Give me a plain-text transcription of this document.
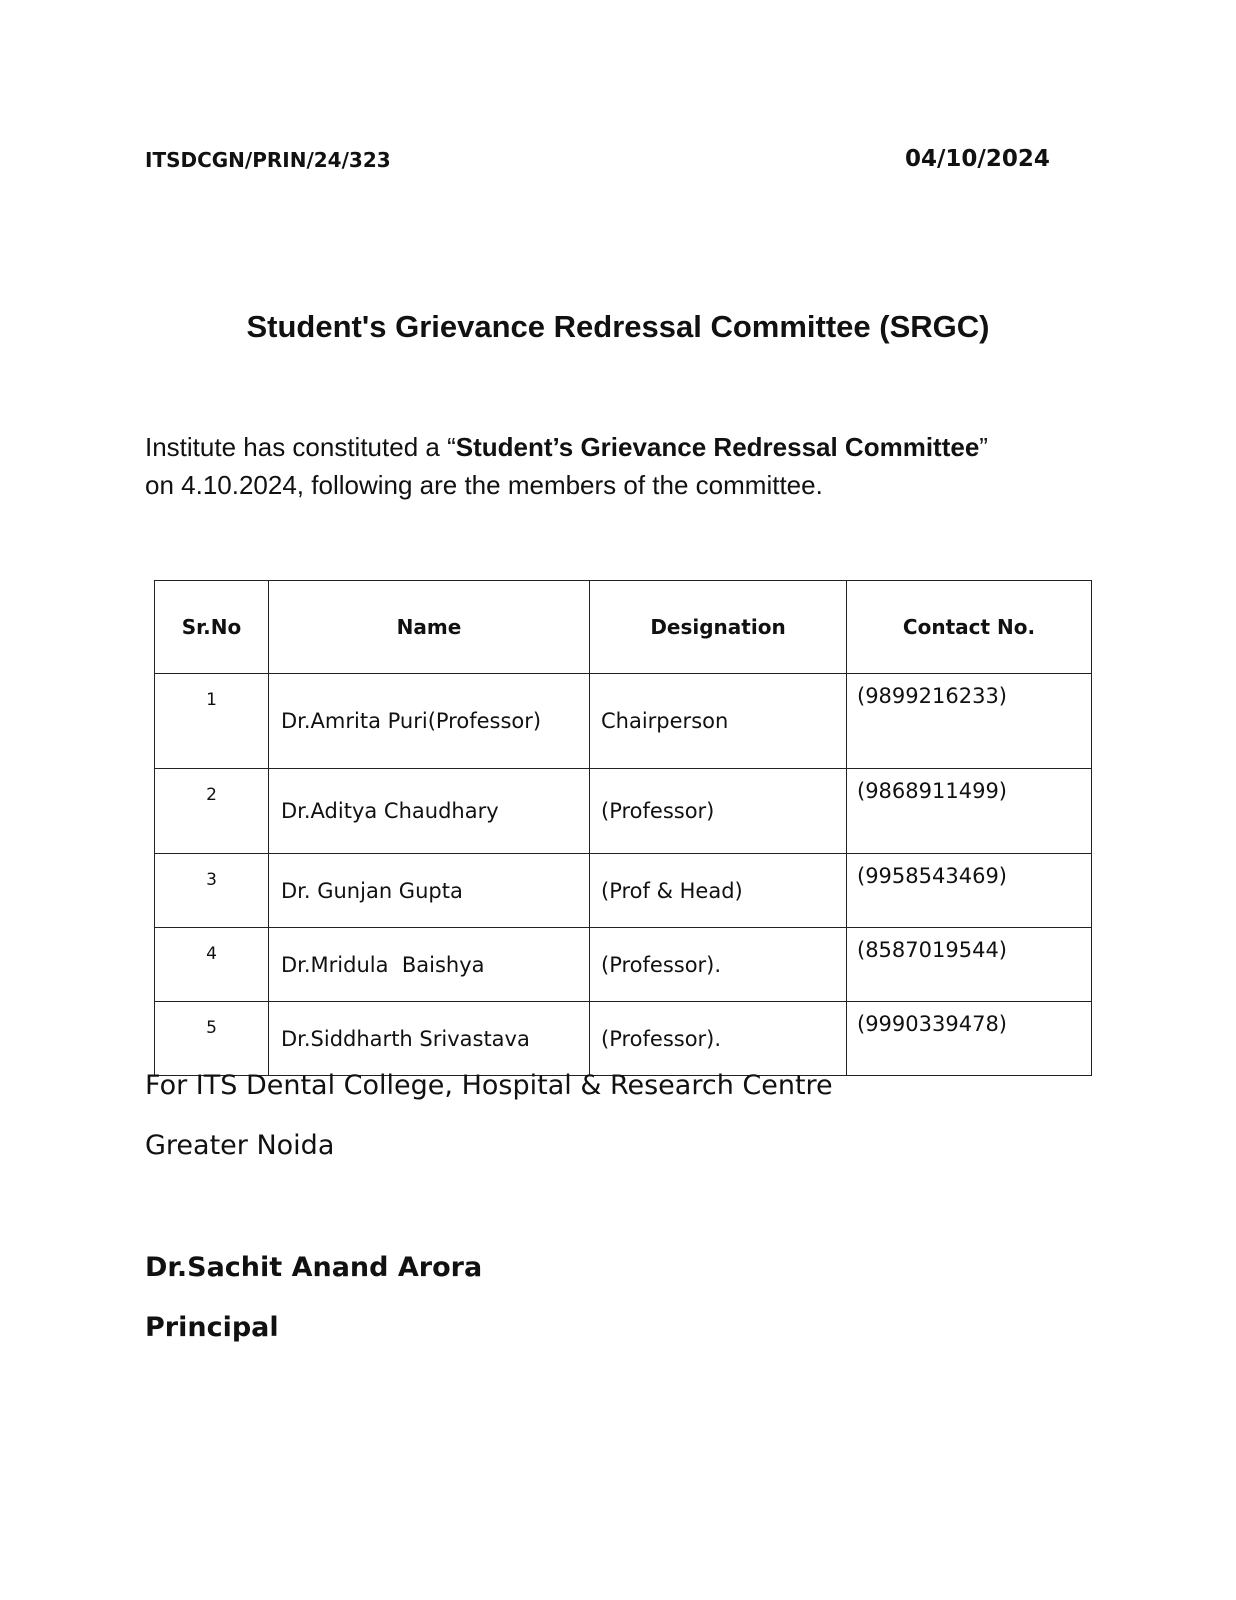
ITSDCGN/PRIN/24/323	04/10/2024
Student's Grievance Redressal Committee (SRGC)
Institute has constituted a “Student’s Grievance Redressal Committee”
on 4.10.2024, following are the members of the committee.
Sr.No	Name	Designation	Contact No.
1	Dr.Amrita Puri(Professor)	Chairperson	(9899216233)
2	Dr.Aditya Chaudhary	(Professor)	(9868911499)
3	Dr. Gunjan Gupta	(Prof & Head)	(9958543469)
4	Dr.Mridula  Baishya	(Professor).	(8587019544)
5	Dr.Siddharth Srivastava	(Professor).	(9990339478)
For ITS Dental College, Hospital & Research Centre
Greater Noida
Dr.Sachit Anand Arora
Principal
